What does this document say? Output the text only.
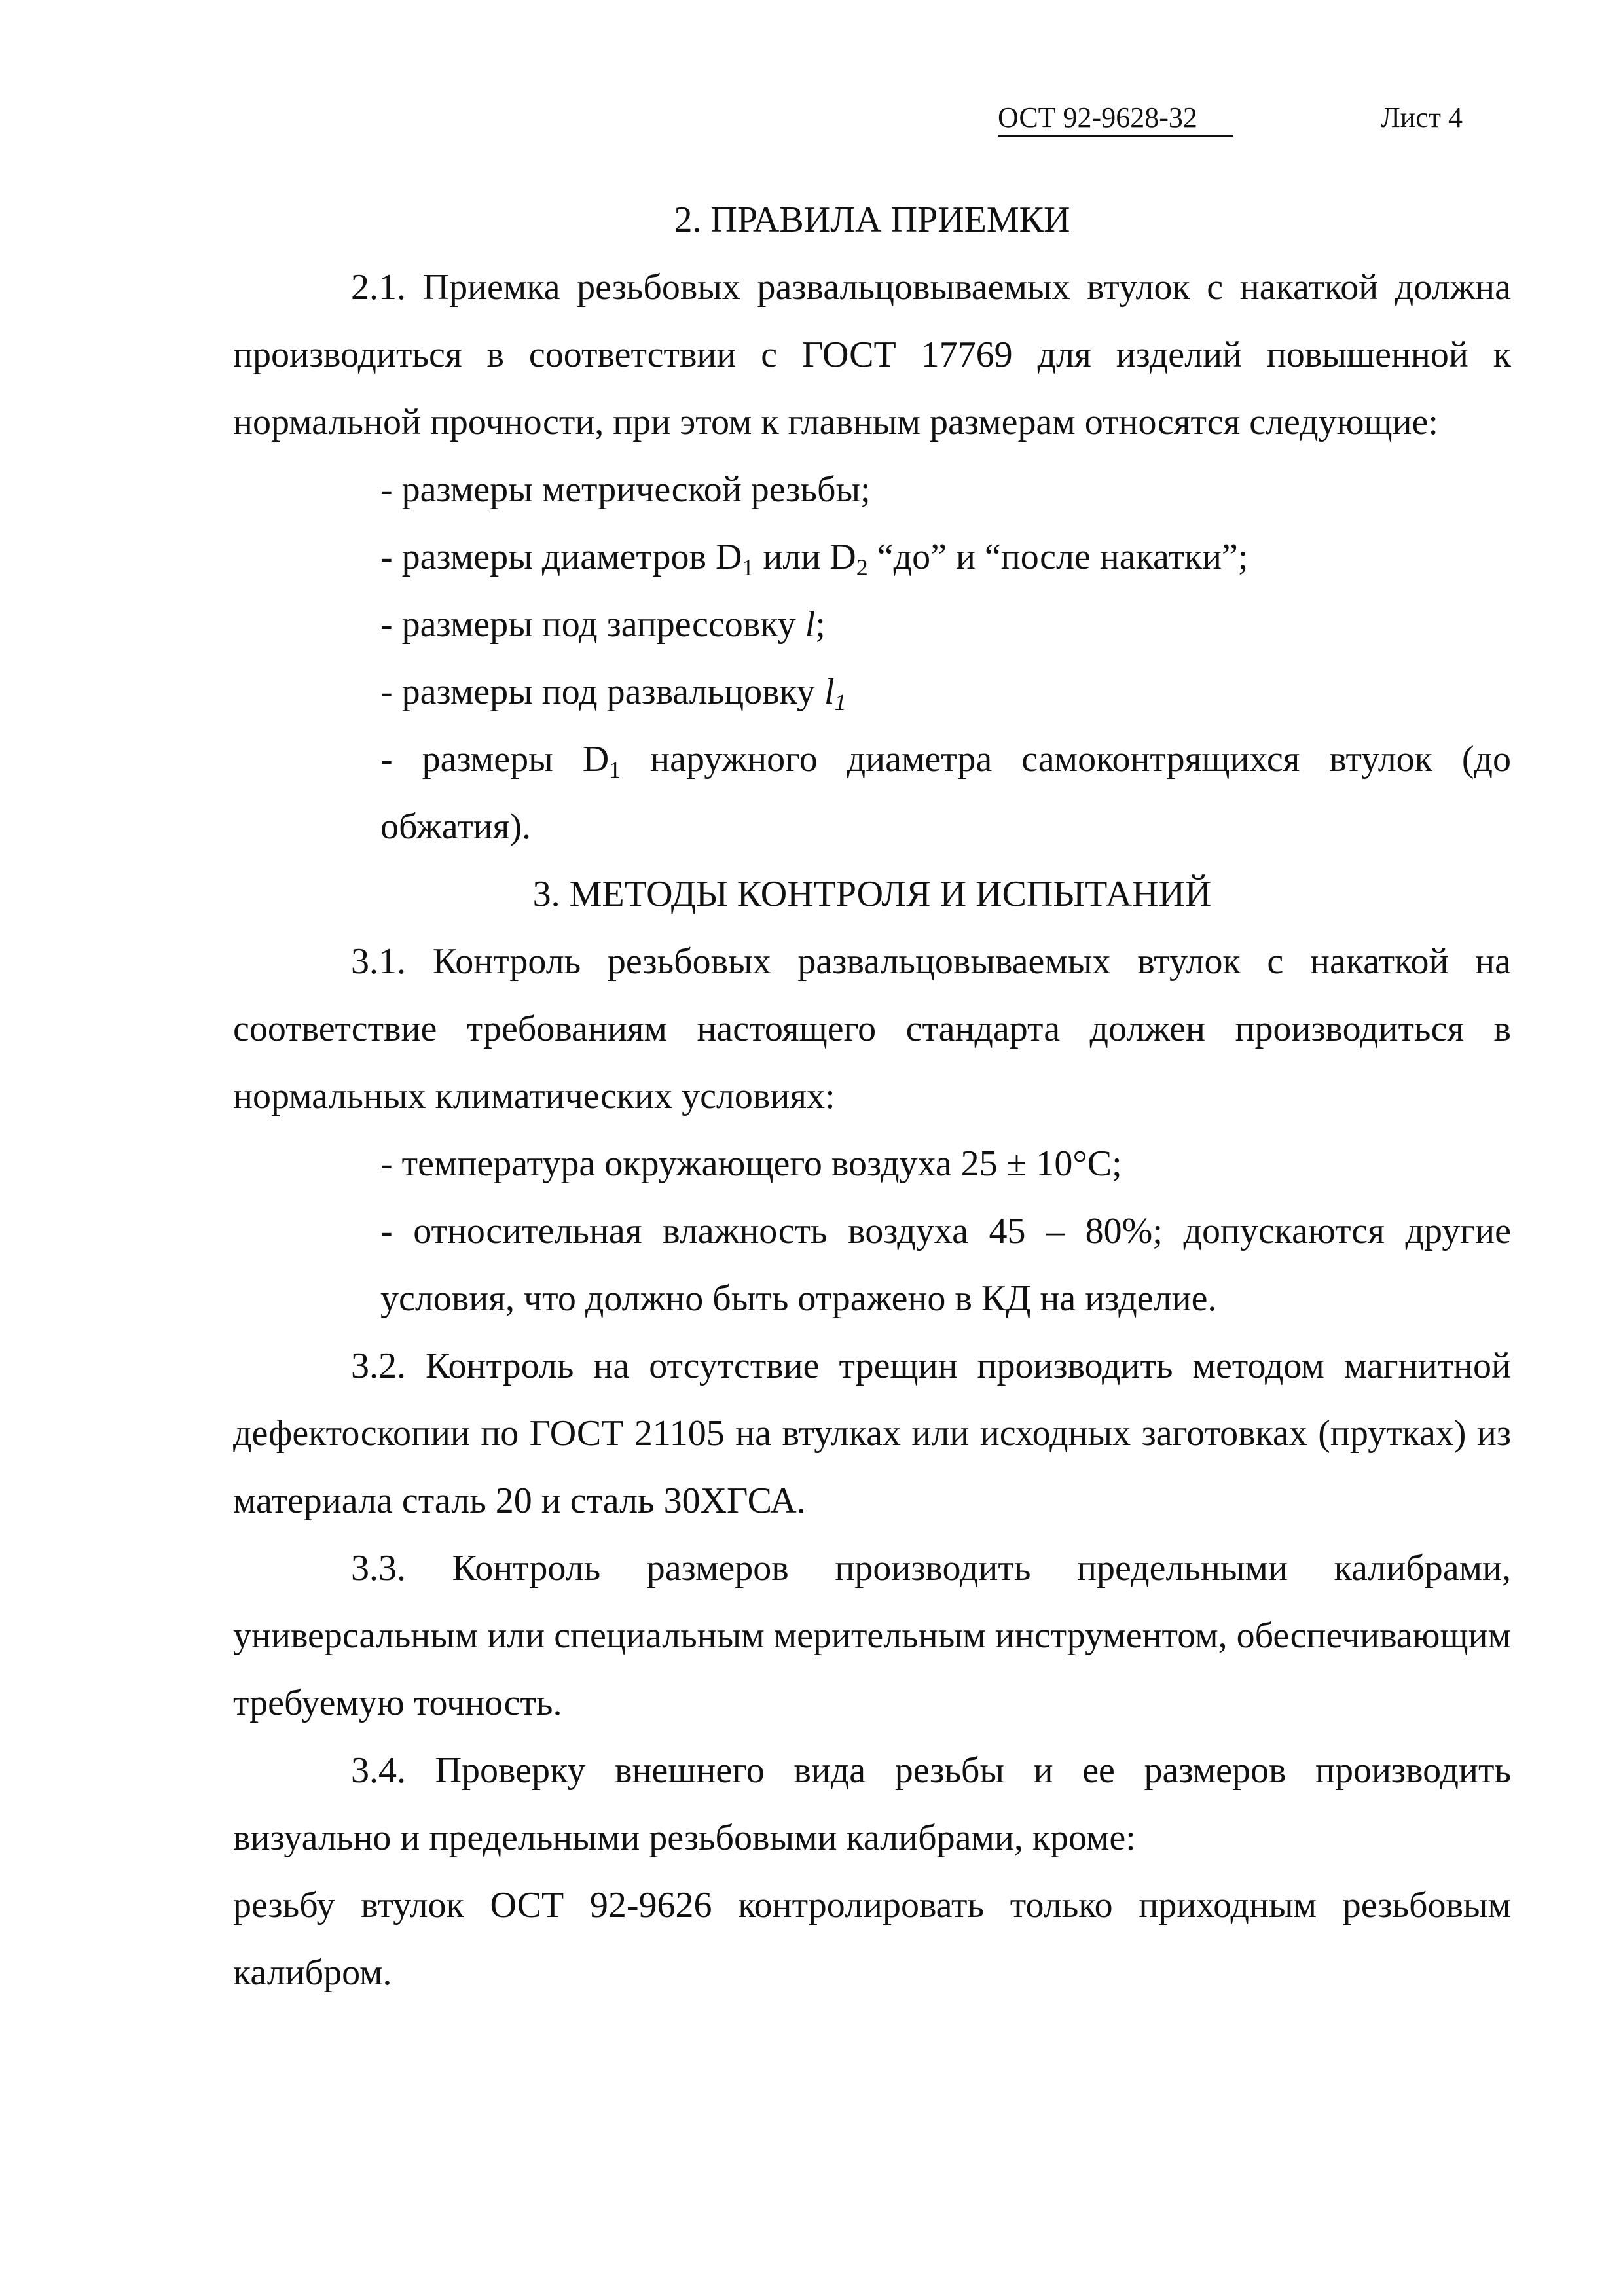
ОСТ 92-9628-32	Лист 4

2. ПРАВИЛА ПРИЕМКИ

2.1. Приемка резьбовых развальцовываемых втулок с накаткой должна производиться в соответствии с ГОСТ 17769 для изделий повышенной к нормальной прочности, при этом к главным размерам относятся следующие:

- размеры метрической резьбы;

- размеры диаметров $D_1$ или $D_2$ “до” и “после накатки”;

- размеры под запрессовку l;

- размеры под развальцовку $l_1$

- размеры $D_1$ наружного диаметра самоконтрящихся втулок (до обжатия).

3. МЕТОДЫ КОНТРОЛЯ И ИСПЫТАНИЙ

3.1. Контроль резьбовых развальцовываемых втулок с накаткой на соответствие требованиям настоящего стандарта должен производиться в нормальных климатических условиях:

- температура окружающего воздуха 25 ± 10°С;

- относительная влажность воздуха 45 – 80%; допускаются другие условия, что должно быть отражено в КД на изделие.

3.2. Контроль на отсутствие трещин производить методом магнитной дефектоскопии по ГОСТ 21105 на втулках или исходных заготовках (прутках) из материала сталь 20 и сталь 30ХГСА.

3.3. Контроль размеров производить предельными калибрами, универсальным или специальным мерительным инструментом, обеспечивающим требуемую точность.

3.4. Проверку внешнего вида резьбы и ее размеров производить визуально и предельными резьбовыми калибрами, кроме:

резьбу втулок ОСТ 92-9626 контролировать только приходным резьбовым калибром.
